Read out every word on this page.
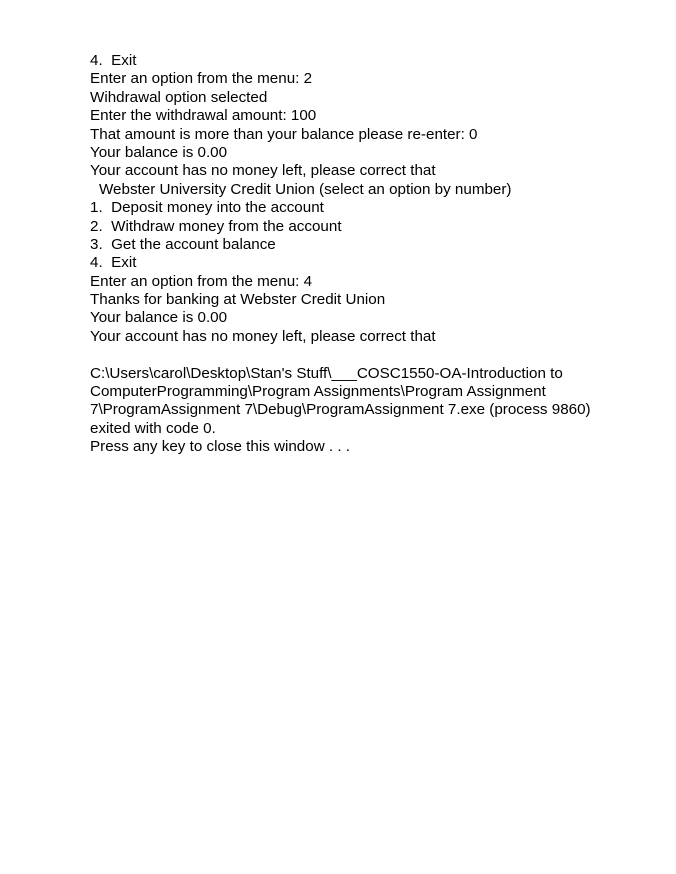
4.  Exit
Enter an option from the menu: 2
Wihdrawal option selected
Enter the withdrawal amount: 100
That amount is more than your balance please re-enter: 0
Your balance is 0.00
Your account has no money left, please correct that
Webster University Credit Union (select an option by number)
1.  Deposit money into the account
2.  Withdraw money from the account
3.  Get the account balance
4.  Exit
Enter an option from the menu: 4
Thanks for banking at Webster Credit Union
Your balance is 0.00
Your account has no money left, please correct that
C:\Users\carol\Desktop\Stan's Stuff\___COSC1550-OA-Introduction to ComputerProgramming\Program Assignments\Program Assignment 7\ProgramAssignment 7\Debug\ProgramAssignment 7.exe (process 9860) exited with code 0.
Press any key to close this window . . .
